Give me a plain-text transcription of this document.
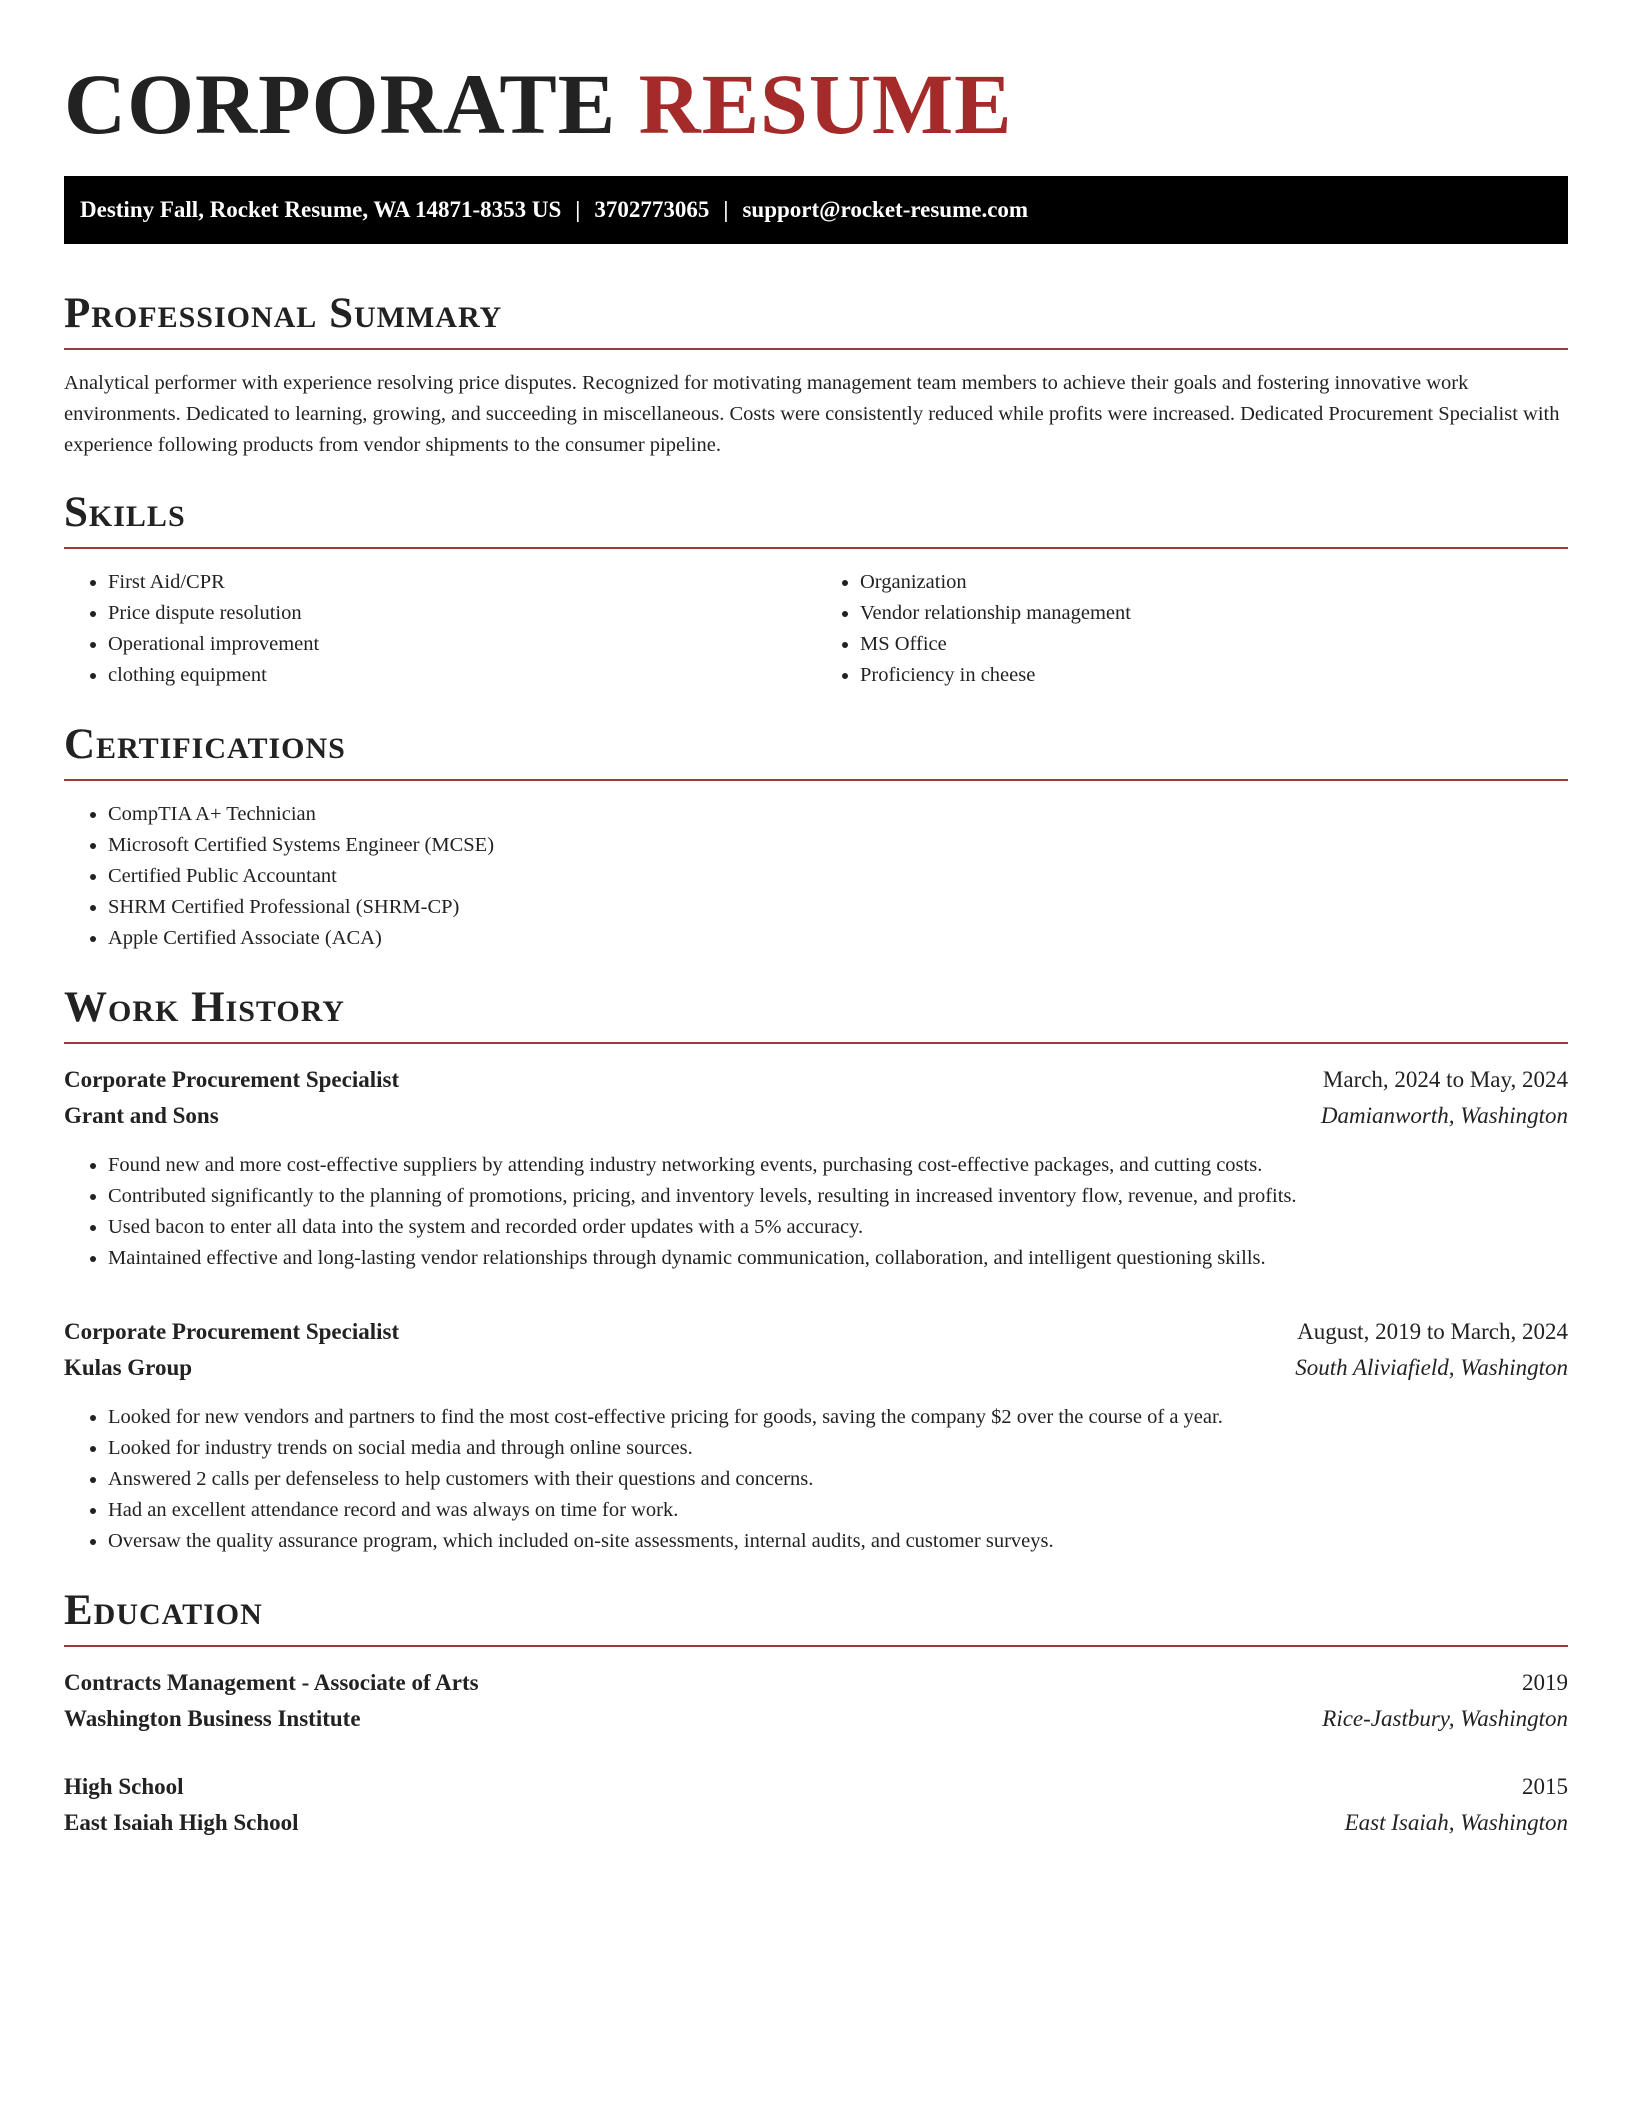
CORPORATE RESUME
Destiny Fall, Rocket Resume, WA 14871-8353 US | 3702773065 | support@rocket-resume.com
Professional Summary

Analytical performer with experience resolving price disputes. Recognized for motivating management team members to achieve their goals and fostering innovative work environments. Dedicated to learning, growing, and succeeding in miscellaneous. Costs were consistently reduced while profits were increased. Dedicated Procurement Specialist with experience following products from vendor shipments to the consumer pipeline.

Skills
• First Aid/CPR
• Price dispute resolution
• Operational improvement
• clothing equipment
• Organization
• Vendor relationship management
• MS Office
• Proficiency in cheese
Certifications
• CompTIA A+ Technician
• Microsoft Certified Systems Engineer (MCSE)
• Certified Public Accountant
• SHRM Certified Professional (SHRM-CP)
• Apple Certified Associate (ACA)
Work History
Corporate Procurement Specialist	March, 2024 to May, 2024
Grant and Sons	Damianworth, Washington
• Found new and more cost-effective suppliers by attending industry networking events, purchasing cost-effective packages, and cutting costs.
• Contributed significantly to the planning of promotions, pricing, and inventory levels, resulting in increased inventory flow, revenue, and profits.
• Used bacon to enter all data into the system and recorded order updates with a 5% accuracy.
• Maintained effective and long-lasting vendor relationships through dynamic communication, collaboration, and intelligent questioning skills.
Corporate Procurement Specialist	August, 2019 to March, 2024
Kulas Group	South Aliviafield, Washington
• Looked for new vendors and partners to find the most cost-effective pricing for goods, saving the company $2 over the course of a year.
• Looked for industry trends on social media and through online sources.
• Answered 2 calls per defenseless to help customers with their questions and concerns.
• Had an excellent attendance record and was always on time for work.
• Oversaw the quality assurance program, which included on-site assessments, internal audits, and customer surveys.
Education
Contracts Management - Associate of Arts	2019
Washington Business Institute	Rice-Jastbury, Washington
High School	2015
East Isaiah High School	East Isaiah, Washington
